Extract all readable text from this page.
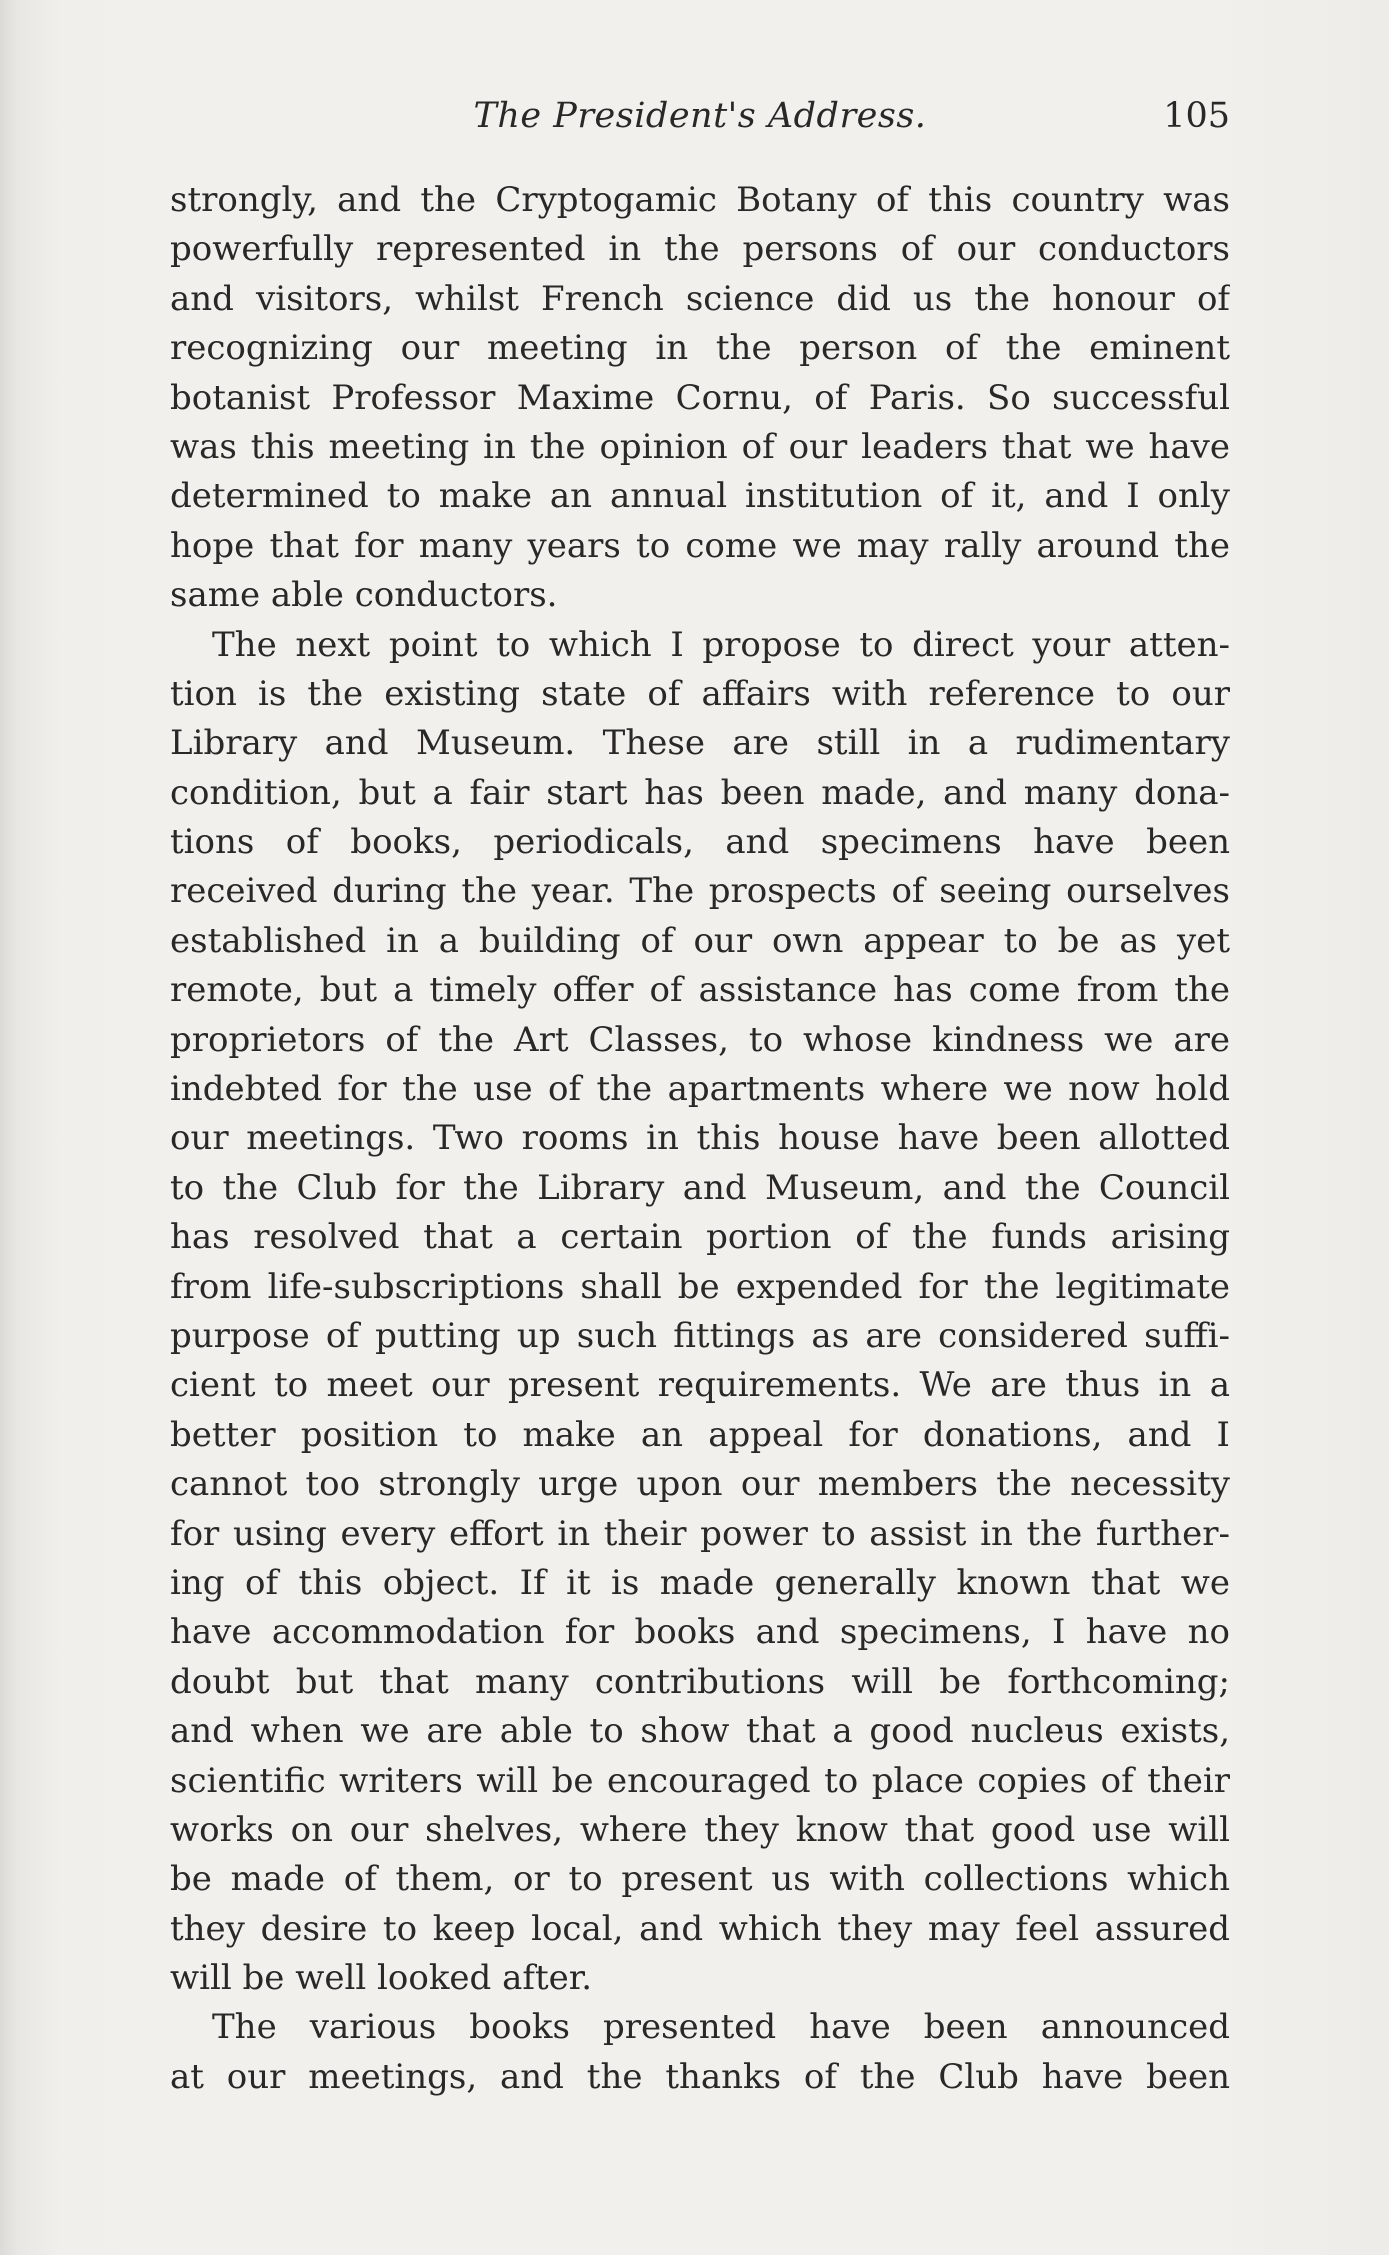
The President's Address.	105
strongly, and the Cryptogamic Botany of this country was
powerfully represented in the persons of our conductors
and visitors, whilst French science did us the honour of
recognizing our meeting in the person of the eminent
botanist Professor Maxime Cornu, of Paris. So successful
was this meeting in the opinion of our leaders that we have
determined to make an annual institution of it, and I only
hope that for many years to come we may rally around the
same able conductors.
The next point to which I propose to direct your atten-
tion is the existing state of affairs with reference to our
Library and Museum. These are still in a rudimentary
condition, but a fair start has been made, and many dona-
tions of books, periodicals, and specimens have been
received during the year. The prospects of seeing ourselves
established in a building of our own appear to be as yet
remote, but a timely offer of assistance has come from the
proprietors of the Art Classes, to whose kindness we are
indebted for the use of the apartments where we now hold
our meetings. Two rooms in this house have been allotted
to the Club for the Library and Museum, and the Council
has resolved that a certain portion of the funds arising
from life-subscriptions shall be expended for the legitimate
purpose of putting up such fittings as are considered suffi-
cient to meet our present requirements. We are thus in a
better position to make an appeal for donations, and I
cannot too strongly urge upon our members the necessity
for using every effort in their power to assist in the further-
ing of this object. If it is made generally known that we
have accommodation for books and specimens, I have no
doubt but that many contributions will be forthcoming;
and when we are able to show that a good nucleus exists,
scientific writers will be encouraged to place copies of their
works on our shelves, where they know that good use will
be made of them, or to present us with collections which
they desire to keep local, and which they may feel assured
will be well looked after.
The various books presented have been announced
at our meetings, and the thanks of the Club have been
